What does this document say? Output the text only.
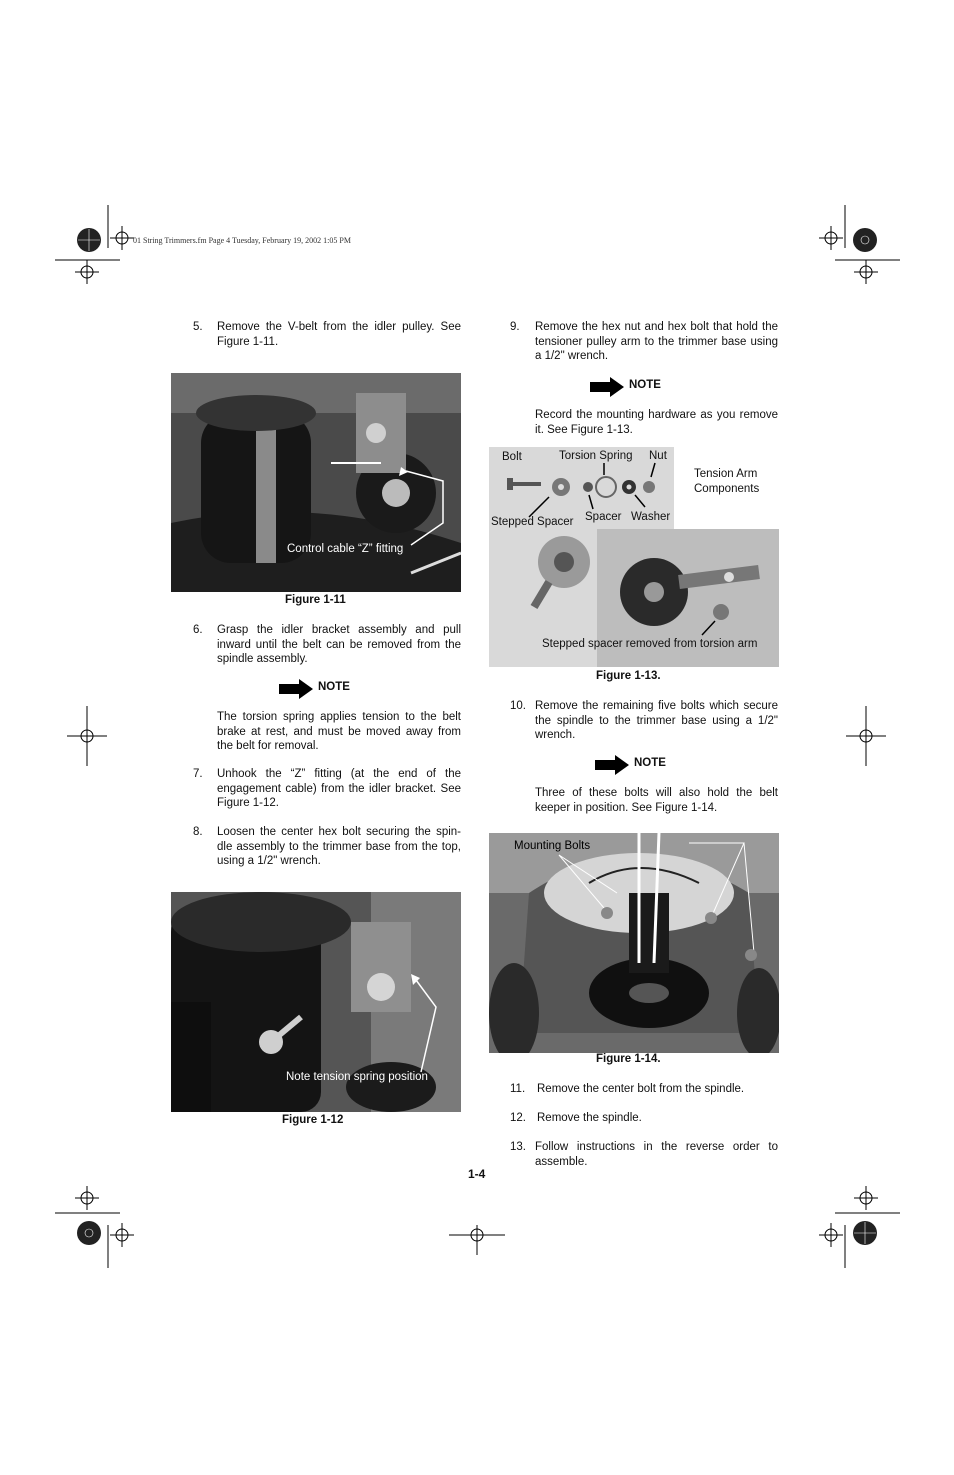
01 String Trimmers.fm Page 4 Tuesday, February 19, 2002 1:05 PM
5. Remove the V-belt from the idler pulley. See Figure 1-11.
Control cable “Z” fitting
Figure 1-11
6. Grasp the idler bracket assembly and pull inward until the belt can be removed from the spindle assembly.
NOTE
The torsion spring applies tension to the belt brake at rest, and must be moved away from the belt for removal.
7. Unhook the “Z” fitting (at the end of the engagement cable) from the idler bracket. See Figure 1-12.
8. Loosen the center hex bolt securing the spin-dle assembly to the trimmer base from the top, using a 1/2" wrench.
Note tension spring position
Figure 1-12
9. Remove the hex nut and hex bolt that hold the tensioner pulley arm to the trimmer base using a 1/2" wrench.
NOTE
Record the mounting hardware as you remove it. See Figure 1-13.
Bolt	Torsion Spring Nut
Tension Arm
Components
Stepped Spacer Spacer Washer
Stepped spacer removed from torsion arm
Figure 1-13.
10. Remove the remaining five bolts which secure the spindle to the trimmer base using a 1/2" wrench.
NOTE
Three of these bolts will also hold the belt keeper in position. See Figure 1-14.
Mounting Bolts
Figure 1-14.
11. Remove the center bolt from the spindle.
12. Remove the spindle.
13. Follow instructions in the reverse order to assemble.
1-4
